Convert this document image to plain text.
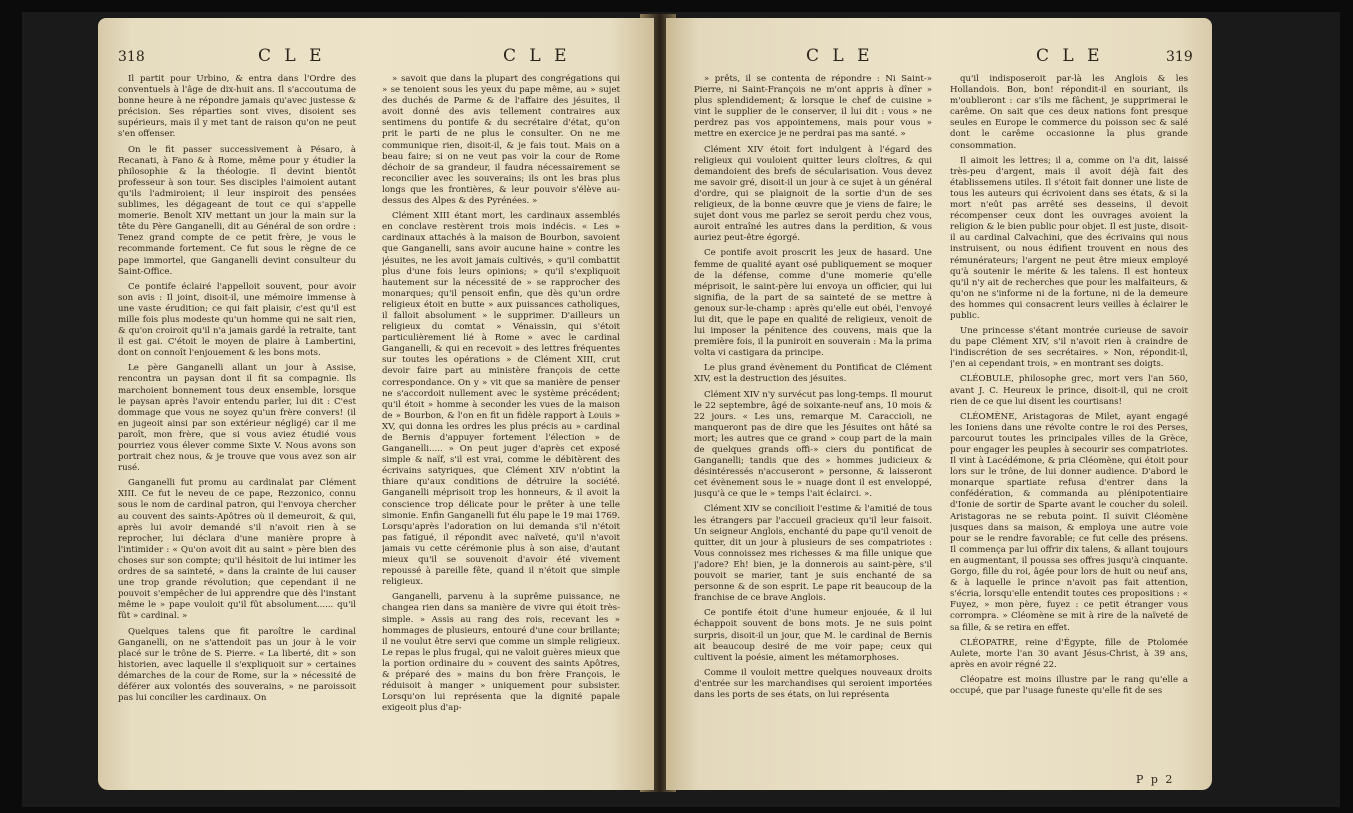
318	C L E	C L E

Il partit pour Urbino, & entra dans l'Ordre des conventuels à l'âge de dix-huit ans. Il s'accoutuma de bonne heure à ne répondre jamais qu'avec justesse & précision. Ses réparties sont vives, disoient ses supérieurs, mais il y met tant de raison qu'on ne peut s'en offenser.

On le fit passer successivement à Pésaro, à Recanati, à Fano & à Rome, même pour y étudier la philosophie & la théologie. Il devint bientôt professeur à son tour. Ses disciples l'aimoient autant qu'ils l'admiroient; il leur inspiroit des pensées sublimes, les dégageant de tout ce qui s'appelle momerie. Benoît XIV mettant un jour la main sur la tête du Père Ganganelli, dit au Général de son ordre : Tenez grand compte de ce petit frère, je vous le recommande fortement. Ce fut sous le règne de ce pape immortel, que Ganganelli devint consulteur du Saint-Office.

Ce pontife éclairé l'appelloit souvent, pour avoir son avis : Il joint, disoit-il, une mémoire immense à une vaste érudition; ce qui fait plaisir, c'est qu'il est mille fois plus modeste qu'un homme qui ne sait rien, & qu'on croiroit qu'il n'a jamais gardé la retraite, tant il est gai. C'étoit le moyen de plaire à Lambertini, dont on connoît l'enjouement & les bons mots.

Le père Ganganelli allant un jour à Assise, rencontra un paysan dont il fit sa compagnie. Ils marchoient bonnement tous deux ensemble, lorsque le paysan après l'avoir entendu parler, lui dit : C'est dommage que vous ne soyez qu'un frère convers! (il en jugeoit ainsi par son extérieur négligé) car il me paroît, mon frère, que si vous aviez étudié vous pourriez vous élever comme Sixte V. Nous avons son portrait chez nous, & je trouve que vous avez son air rusé.

Ganganelli fut promu au cardinalat par Clément XIII. Ce fut le neveu de ce pape, Rezzonico, connu sous le nom de cardinal patron, qui l'envoya chercher au couvent des saints-Apôtres où il demeuroit, & qui, après lui avoir demandé s'il n'avoit rien à se reprocher, lui déclara d'une manière propre à l'intimider : « Qu'on avoit dit au saint » père bien des choses sur son compte; qu'il hésitoit de lui intimer les ordres de sa sainteté, » dans la crainte de lui causer une trop grande révolution; que cependant il ne pouvoit s'empêcher de lui apprendre que dès l'instant même le » pape vouloit qu'il fût absolument...... qu'il fût » cardinal. »

Quelques talens que fit paroître le cardinal Ganganelli, on ne s'attendoit pas un jour à le voir placé sur le trône de S. Pierre. « La liberté, dit » son historien, avec laquelle il s'expliquoit sur » certaines démarches de la cour de Rome, sur la » nécessité de déférer aux volontés des souverains, » ne paroissoit pas lui concilier les cardinaux. On

» savoit que dans la plupart des congrégations qui » se tenoient sous les yeux du pape même, au » sujet des duchés de Parme & de l'affaire des jésuites, il avoit donné des avis tellement contraires aux sentimens du pontife & du secrétaire d'état, qu'on prit le parti de ne plus le consulter. On ne me communique rien, disoit-il, & je fais tout. Mais on a beau faire; si on ne veut pas voir la cour de Rome déchoir de sa grandeur, il faudra nécessairement se reconcilier avec les souverains; ils ont les bras plus longs que les frontières, & leur pouvoir s'élève au-dessus des Alpes & des Pyrénées. »

Clément XIII étant mort, les cardinaux assemblés en conclave restèrent trois mois indécis. « Les » cardinaux attachés à la maison de Bourbon, savoient que Ganganelli, sans avoir aucune haine » contre les jésuites, ne les avoit jamais cultivés, » qu'il combattit plus d'une fois leurs opinions; » qu'il s'expliquoit hautement sur la nécessité de » se rapprocher des monarques; qu'il pensoit enfin, que dès qu'un ordre religieux étoit en butte » aux puissances catholiques, il falloit absolument » le supprimer. D'ailleurs un religieux du comtat » Vénaissin, qui s'étoit particulièrement lié à Rome » avec le cardinal Ganganelli, & qui en recevoit » des lettres fréquentes sur toutes les opérations » de Clément XIII, crut devoir faire part au ministère françois de cette correspondance. On y » vit que sa manière de penser ne s'accordoit nullement avec le système précédent; qu'il étoit » homme à seconder les vues de la maison de » Bourbon, & l'on en fit un fidèle rapport à Louis » XV, qui donna les ordres les plus précis au » cardinal de Bernis d'appuyer fortement l'élection » de Ganganelli..... » On peut juger d'après cet exposé simple & naïf, s'il est vrai, comme le débitèrent des écrivains satyriques, que Clément XIV n'obtint la thiare qu'aux conditions de détruire la société. Ganganelli méprisoit trop les honneurs, & il avoit la conscience trop délicate pour le prêter à une telle simonie. Enfin Ganganelli fut élu pape le 19 mai 1769. Lorsqu'après l'adoration on lui demanda s'il n'étoit pas fatigué, il répondit avec naïveté, qu'il n'avoit jamais vu cette cérémonie plus à son aise, d'autant mieux qu'il se souvenoit d'avoir été vivement repoussé à pareille fête, quand il n'étoit que simple religieux.

Ganganelli, parvenu à la suprême puissance, ne changea rien dans sa manière de vivre qui étoit très-simple. » Assis au rang des rois, recevant les » hommages de plusieurs, entouré d'une cour brillante; il ne voulut être servi que comme un simple religieux. Le repas le plus frugal, qui ne valoit guères mieux que la portion ordinaire du » couvent des saints Apôtres, & préparé des » mains du bon frère François, le réduisoit à manger » uniquement pour subsister. Lorsqu'on lui représenta que la dignité papale exigeoit plus d'ap-

C L E	C L E	319

» prêts, il se contenta de répondre : Ni Saint-» Pierre, ni Saint-François ne m'ont appris à dîner » plus splendidement; & lorsque le chef de cuisine » vint le supplier de le conserver, il lui dit : vous » ne perdrez pas vos appointemens, mais pour vous » mettre en exercice je ne perdrai pas ma santé. »

Clément XIV étoit fort indulgent à l'égard des religieux qui vouloient quitter leurs cloîtres, & qui demandoient des brefs de sécularisation. Vous devez me savoir gré, disoit-il un jour à ce sujet à un général d'ordre, qui se plaignoit de la sortie d'un de ses religieux, de la bonne œuvre que je viens de faire; le sujet dont vous me parlez se seroit perdu chez vous, auroit entraîné les autres dans la perdition, & vous auriez peut-être égorgé.

Ce pontife avoit proscrit les jeux de hasard. Une femme de qualité ayant osé publiquement se moquer de la défense, comme d'une momerie qu'elle méprisoit, le saint-père lui envoya un officier, qui lui signifia, de la part de sa sainteté de se mettre à genoux sur-le-champ : après qu'elle eut obéi, l'envoyé lui dit, que le pape en qualité de religieux, venoit de lui imposer la pénitence des couvens, mais que la première fois, il la puniroit en souverain : Ma la prima volta vi castigara da principe.

Le plus grand évènement du Pontificat de Clément XIV, est la destruction des jésuites.

Clément XIV n'y survécut pas long-temps. Il mourut le 22 septembre, âgé de soixante-neuf ans, 10 mois & 22 jours. « Les uns, remarque M. Caraccioli, ne manqueront pas de dire que les Jésuites ont hâté sa mort; les autres que ce grand » coup part de la main de quelques grands offi-» ciers du pontificat de Ganganelli; tandis que des » hommes judicieux & désintéressés n'accuseront » personne, & laisseront cet évènement sous le » nuage dont il est enveloppé, jusqu'à ce que le » temps l'ait éclairci. ».

Clément XIV se concilioit l'estime & l'amitié de tous les étrangers par l'accueil gracieux qu'il leur faisoit. Un seigneur Anglois, enchanté du pape qu'il venoit de quitter, dit un jour à plusieurs de ses compatriotes : Vous connoissez mes richesses & ma fille unique que j'adore? Eh! bien, je la donnerois au saint-père, s'il pouvoit se marier, tant je suis enchanté de sa personne & de son esprit. Le pape rit beaucoup de la franchise de ce brave Anglois.

Ce pontife étoit d'une humeur enjouée, & il lui échappoit souvent de bons mots. Je ne suis point surpris, disoit-il un jour, que M. le cardinal de Bernis ait beaucoup desiré de me voir pape; ceux qui cultivent la poésie, aiment les métamorphoses.

Comme il vouloit mettre quelques nouveaux droits d'entrée sur les marchandises qui seroient importées dans les ports de ses états, on lui représenta

qu'il indisposeroit par-là les Anglois & les Hollandois. Bon, bon! répondit-il en souriant, ils m'oublieront : car s'ils me fâchent, je supprimerai le carême. On sait que ces deux nations font presque seules en Europe le commerce du poisson sec & salé dont le carême occasionne la plus grande consommation.

Il aimoit les lettres; il a, comme on l'a dit, laissé très-peu d'argent, mais il avoit déjà fait des établissemens utiles. Il s'étoit fait donner une liste de tous les auteurs qui écrivoient dans ses états, & si la mort n'eût pas arrêté ses desseins, il devoit récompenser ceux dont les ouvrages avoient la religion & le bien public pour objet. Il est juste, disoit-il au cardinal Calvachini, que des écrivains qui nous instruisent, ou nous édifient trouvent en nous des rémunérateurs; l'argent ne peut être mieux employé qu'à soutenir le mérite & les talens. Il est honteux qu'il n'y ait de recherches que pour les malfaiteurs, & qu'on ne s'informe ni de la fortune, ni de la demeure des hommes qui consacrent leurs veilles à éclairer le public.

Une princesse s'étant montrée curieuse de savoir du pape Clément XIV, s'il n'avoit rien à craindre de l'indiscrétion de ses secrétaires. » Non, répondit-il, j'en ai cependant trois, » en montrant ses doigts.

CLÉOBULE, philosophe grec, mort vers l'an 560, avant J. C. Heureux le prince, disoit-il, qui ne croit rien de ce que lui disent les courtisans!

CLÉOMÈNE, Aristagoras de Milet, ayant engagé les Ioniens dans une révolte contre le roi des Perses, parcourut toutes les principales villes de la Grèce, pour engager les peuples à secourir ses compatriotes. Il vint à Lacédémone, & pria Cléomène, qui étoit pour lors sur le trône, de lui donner audience. D'abord le monarque spartiate refusa d'entrer dans la confédération, & commanda au plénipotentiaire d'Ionie de sortir de Sparte avant le coucher du soleil. Aristagoras ne se rebuta point. Il suivit Cléomène jusques dans sa maison, & employa une autre voie pour se le rendre favorable; ce fut celle des présens. Il commença par lui offrir dix talens, & allant toujours en augmentant, il poussa ses offres jusqu'à cinquante. Gorgo, fille du roi, âgée pour lors de huit ou neuf ans, & à laquelle le prince n'avoit pas fait attention, s'écria, lorsqu'elle entendit toutes ces propositions : « Fuyez, » mon père, fuyez : ce petit étranger vous corrompra. » Cléomène se mit à rire de la naïveté de sa fille, & se retira en effet.

CLÉOPATRE, reine d'Égypte, fille de Ptolomée Aulete, morte l'an 30 avant Jésus-Christ, à 39 ans, après en avoir régné 22.

Cléopatre est moins illustre par le rang qu'elle a occupé, que par l'usage funeste qu'elle fit de ses

P p 2
